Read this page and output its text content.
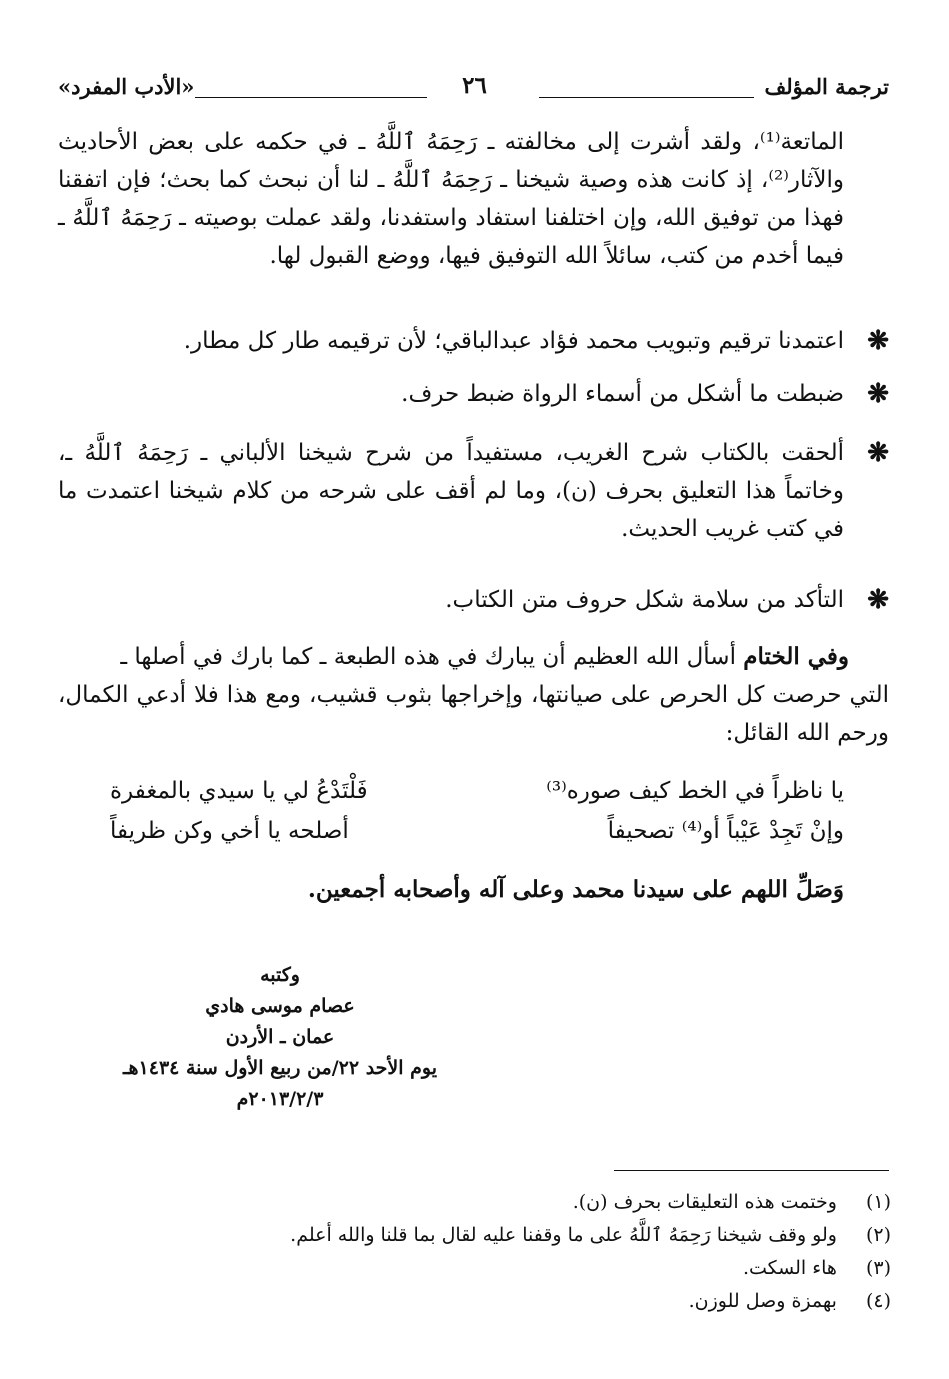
ترجمة المؤلف
٢٦
«الأدب المفرد»
الماتعة⁽¹⁾، ولقد أشرت إلى مخالفته ـ رَحِمَهُ ٱللَّهُ ـ في حكمه على بعض الأحاديث والآثار⁽²⁾، إذ كانت هذه وصية شيخنا ـ رَحِمَهُ ٱللَّهُ ـ لنا أن نبحث كما بحث؛ فإن اتفقنا فهذا من توفيق الله، وإن اختلفنا استفاد واستفدنا، ولقد عملت بوصيته ـ رَحِمَهُ ٱللَّهُ ـ فيما أخدم من كتب، سائلاً الله التوفيق فيها، ووضع القبول لها.
❋
اعتمدنا ترقيم وتبويب محمد فؤاد عبدالباقي؛ لأن ترقيمه طار كل مطار.
❋
ضبطت ما أشكل من أسماء الرواة ضبط حرف.
❋
ألحقت بالكتاب شرح الغريب، مستفيداً من شرح شيخنا الألباني ـ رَحِمَهُ ٱللَّهُ ـ، وخاتماً هذا التعليق بحرف (ن)، وما لم أقف على شرحه من كلام شيخنا اعتمدت ما في كتب غريب الحديث.
❋
التأكد من سلامة شكل حروف متن الكتاب.
وفي الختام أسأل الله العظيم أن يبارك في هذه الطبعة ـ كما بارك في أصلها ـ
التي حرصت كل الحرص على صيانتها، وإخراجها بثوب قشيب، ومع هذا فلا أدعي الكمال، ورحم الله القائل:
يا ناظراً في الخط كيف صوره⁽³⁾
فَلْتَدْعُ لي يا سيدي بالمغفرة
وإنْ تَجِدْ عَيْباً أو⁽⁴⁾ تصحيفاً
أصلحه يا أخي وكن ظريفاً
وَصَلِّ اللهم على سيدنا محمد وعلى آله وأصحابه أجمعين.
وكتبه
عصام موسى هادي
عمان ـ الأردن
يوم الأحد ٢٢/من ربيع الأول سنة ١٤٣٤هـ
٢٠١٣/٢/٣م
(١) وختمت هذه التعليقات بحرف (ن).
(٢) ولو وقف شيخنا رَحِمَهُ ٱللَّهُ على ما وقفنا عليه لقال بما قلنا والله أعلم.
(٣) هاء السكت.
(٤) بهمزة وصل للوزن.
